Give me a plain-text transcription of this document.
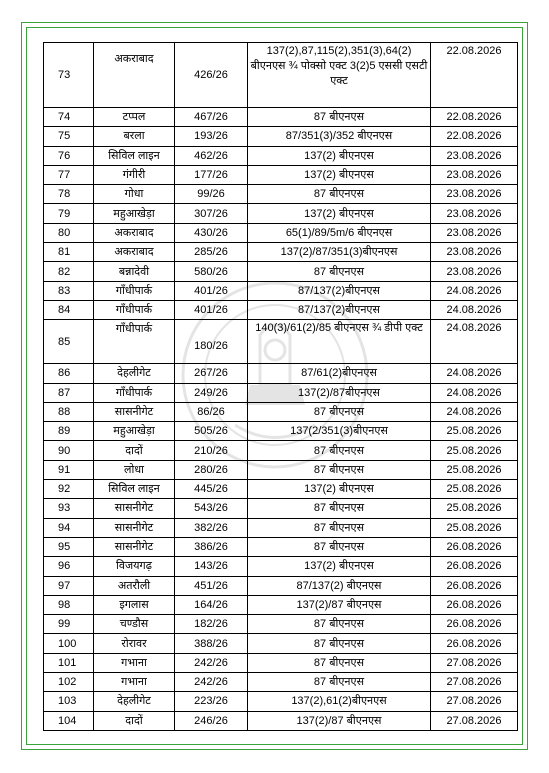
73	अकराबाद	426/26	137(2),87,115(2),351(3),64(2) बीएनएस ¾ पोक्सो एक्ट 3(2)5 एससी एसटी एक्ट	22.08.2026
74	टप्पल	467/26	87 बीएनएस	22.08.2026
75	बरला	193/26	87/351(3)/352 बीएनएस	22.08.2026
76	सिविल लाइन	462/26	137(2) बीएनएस	23.08.2026
77	गंगीरी	177/26	137(2) बीएनएस	23.08.2026
78	गोधा	99/26	87 बीएनएस	23.08.2026
79	महुआखेड़ा	307/26	137(2) बीएनएस	23.08.2026
80	अकराबाद	430/26	65(1)/89/5m/6 बीएनएस	23.08.2026
81	अकराबाद	285/26	137(2)/87/351(3)बीएनएस	23.08.2026
82	बन्नादेवी	580/26	87 बीएनएस	23.08.2026
83	गाँधीपार्क	401/26	87/137(2)बीएनएस	24.08.2026
84	गाँधीपार्क	401/26	87/137(2)बीएनएस	24.08.2026
85	गाँधीपार्क	180/26	140(3)/61(2)/85 बीएनएस ¾ डीपी एक्ट	24.08.2026
86	देहलीगेट	267/26	87/61(2)बीएनएस	24.08.2026
87	गाँधीपार्क	249/26	137(2)/87बीएनएस	24.08.2026
88	सासनीगेट	86/26	87 बीएनएस	24.08.2026
89	महुआखेड़ा	505/26	137(2/351(3)बीएनएस	25.08.2026
90	दादों	210/26	87 बीएनएस	25.08.2026
91	लोधा	280/26	87 बीएनएस	25.08.2026
92	सिविल लाइन	445/26	137(2) बीएनएस	25.08.2026
93	सासनीगेट	543/26	87 बीएनएस	25.08.2026
94	सासनीगेट	382/26	87 बीएनएस	25.08.2026
95	सासनीगेट	386/26	87 बीएनएस	26.08.2026
96	विजयगढ़	143/26	137(2) बीएनएस	26.08.2026
97	अतरौली	451/26	87/137(2) बीएनएस	26.08.2026
98	इगलास	164/26	137(2)/87 बीएनएस	26.08.2026
99	चण्डौस	182/26	87 बीएनएस	26.08.2026
100	रोरावर	388/26	87 बीएनएस	26.08.2026
101	गभाना	242/26	87 बीएनएस	27.08.2026
102	गभाना	242/26	87 बीएनएस	27.08.2026
103	देहलीगेट	223/26	137(2),61(2)बीएनएस	27.08.2026
104	दादों	246/26	137(2)/87 बीएनएस	27.08.2026
